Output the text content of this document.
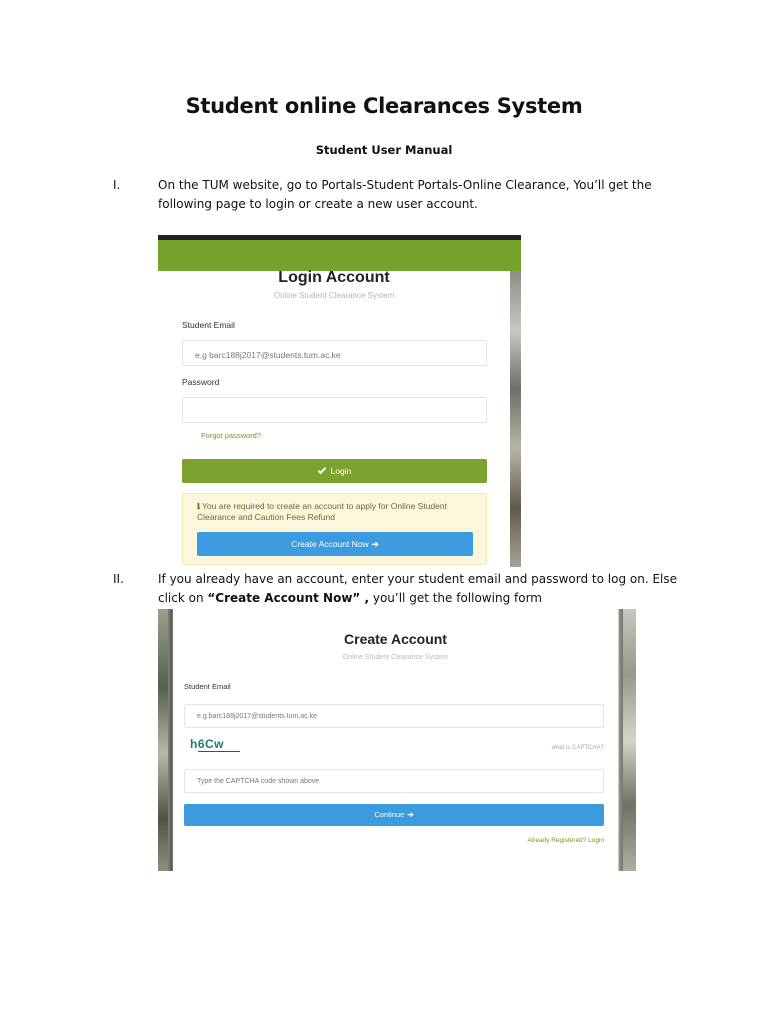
Student online Clearances System
Student User Manual
I.	On the TUM website, go to Portals-Student Portals-Online Clearance, You’ll get the following page to login or create a new user account.
Login Account
Online Student Clearance System
Student Email
e.g barc188j2017@students.tum.ac.ke
Password
Forgot password?
Login
ℹ You are required to create an account to apply for Online Student Clearance and Caution Fees Refund
Create Account Now ➔
II.	If you already have an account, enter your student email and password to log on. Else click on “Create Account Now” , you’ll get the following form
Create Account
Online Student Clearance System
Student Email
e.g barc188j2017@students.tum.ac.ke
h6Cw	what is CAPTCHA?
Type the CAPTCHA code shown above
Continue ➔
Already Registered? Login
